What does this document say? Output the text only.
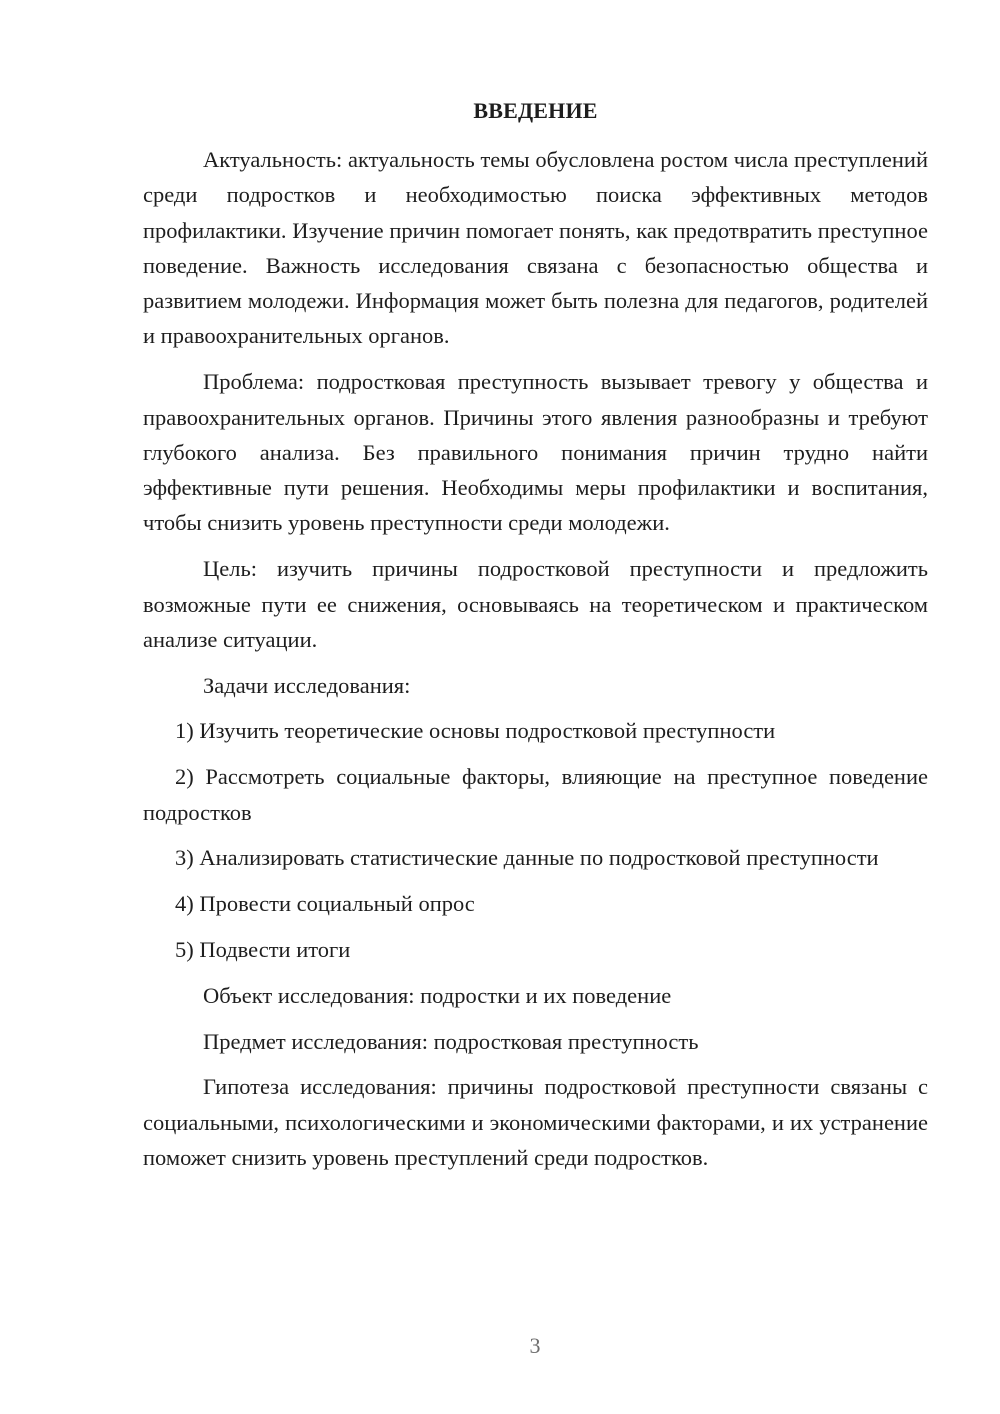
ВВЕДЕНИЕ

Актуальность: актуальность темы обусловлена ростом числа преступлений среди подростков и необходимостью поиска эффективных методов профилактики. Изучение причин помогает понять, как предотвратить преступное поведение. Важность исследования связана с безопасностью общества и развитием молодежи. Информация может быть полезна для педагогов, родителей и правоохранительных органов.

Проблема: подростковая преступность вызывает тревогу у общества и правоохранительных органов. Причины этого явления разнообразны и требуют глубокого анализа. Без правильного понимания причин трудно найти эффективные пути решения. Необходимы меры профилактики и воспитания, чтобы снизить уровень преступности среди молодежи.

Цель: изучить причины подростковой преступности и предложить возможные пути ее снижения, основываясь на теоретическом и практическом анализе ситуации.

Задачи исследования:

1) Изучить теоретические основы подростковой преступности

2) Рассмотреть социальные факторы, влияющие на преступное поведение подростков

3) Анализировать статистические данные по подростковой преступности

4) Провести социальный опрос

5) Подвести итоги

Объект исследования: подростки и их поведение

Предмет исследования: подростковая преступность

Гипотеза исследования: причины подростковой преступности связаны с социальными, психологическими и экономическими факторами, и их устранение поможет снизить уровень преступлений среди подростков.

3
